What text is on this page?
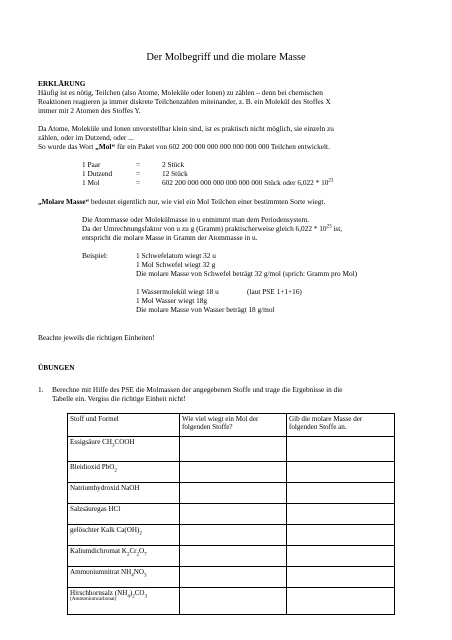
Der Molbegriff und die molare Masse
ERKLÄRUNG
Häufig ist es nötig, Teilchen (also Atome, Moleküle oder Ionen) zu zählen – denn bei chemischen
Reaktionen reagieren ja immer diskrete Teilchenzahlen miteinander, z. B. ein Molekül des Stoffes X
immer mit 2 Atomen des Stoffes Y.
Da Atome, Moleküle und Ionen unvorstellbar klein sind, ist es praktisch nicht möglich, sie einzeln zu
zählen, oder im Dutzend, oder ...
So wurde das Wort „Mol“ für ein Paket von 602 200 000 000 000 000 000 000 Teilchen entwickelt.
1 Paar	=	2 Stück
1 Dutzend	=	12 Stück
1 Mol	=	602 200 000 000 000 000 000 000 Stück oder $6,022 * 10^{23}$
„Molare Masse“ bedeutet eigentlich nur, wie viel ein Mol Teilchen einer bestimmten Sorte wiegt.
Die Atommasse oder Molekülmasse in u entnimmt man dem Periodensystem.
Da der Umrechnungsfaktor von u zu g (Gramm) praktischerweise gleich $6,022 * 10^{23}$ ist,
entspricht die molare Masse in Gramm der Atommasse in u.
Beispiel:	1 Schwefelatom wiegt 32 u
1 Mol Schwefel wiegt 32 g
Die molare Masse von Schwefel beträgt 32 g/mol (sprich: Gramm pro Mol)
1 Wassermolekül wiegt 18 u	(laut PSE 1+1+16)
1 Mol Wasser wiegt 18g
Die molare Masse von Wasser beträgt 18 g/mol
Beachte jeweils die richtigen Einheiten!
ÜBUNGEN
1. Berechne mit Hilfe des PSE die Molmassen der angegebenen Stoffe und trage die Ergebnisse in die
Tabelle ein. Vergiss die richtige Einheit nicht!
Stoff und Formel	Wie viel wiegt ein Mol der folgenden Stoffe?	Gib die molare Masse der folgenden Stoffe an.
Essigsäure $CH_3COOH$		
Bleidioxid PbO$_2$		
Natriumhydroxid NaOH		
Salzsäuregas HCl		
gelöschter Kalk $Ca(OH)_2$		
Kaliumdichromat $K_2Cr_2O_7$		
Ammoniumnitrat $NH_4NO_3$		
Hirschhornsalz $(NH_4)_2CO_3$
(Ammoniumcarbonat)		
